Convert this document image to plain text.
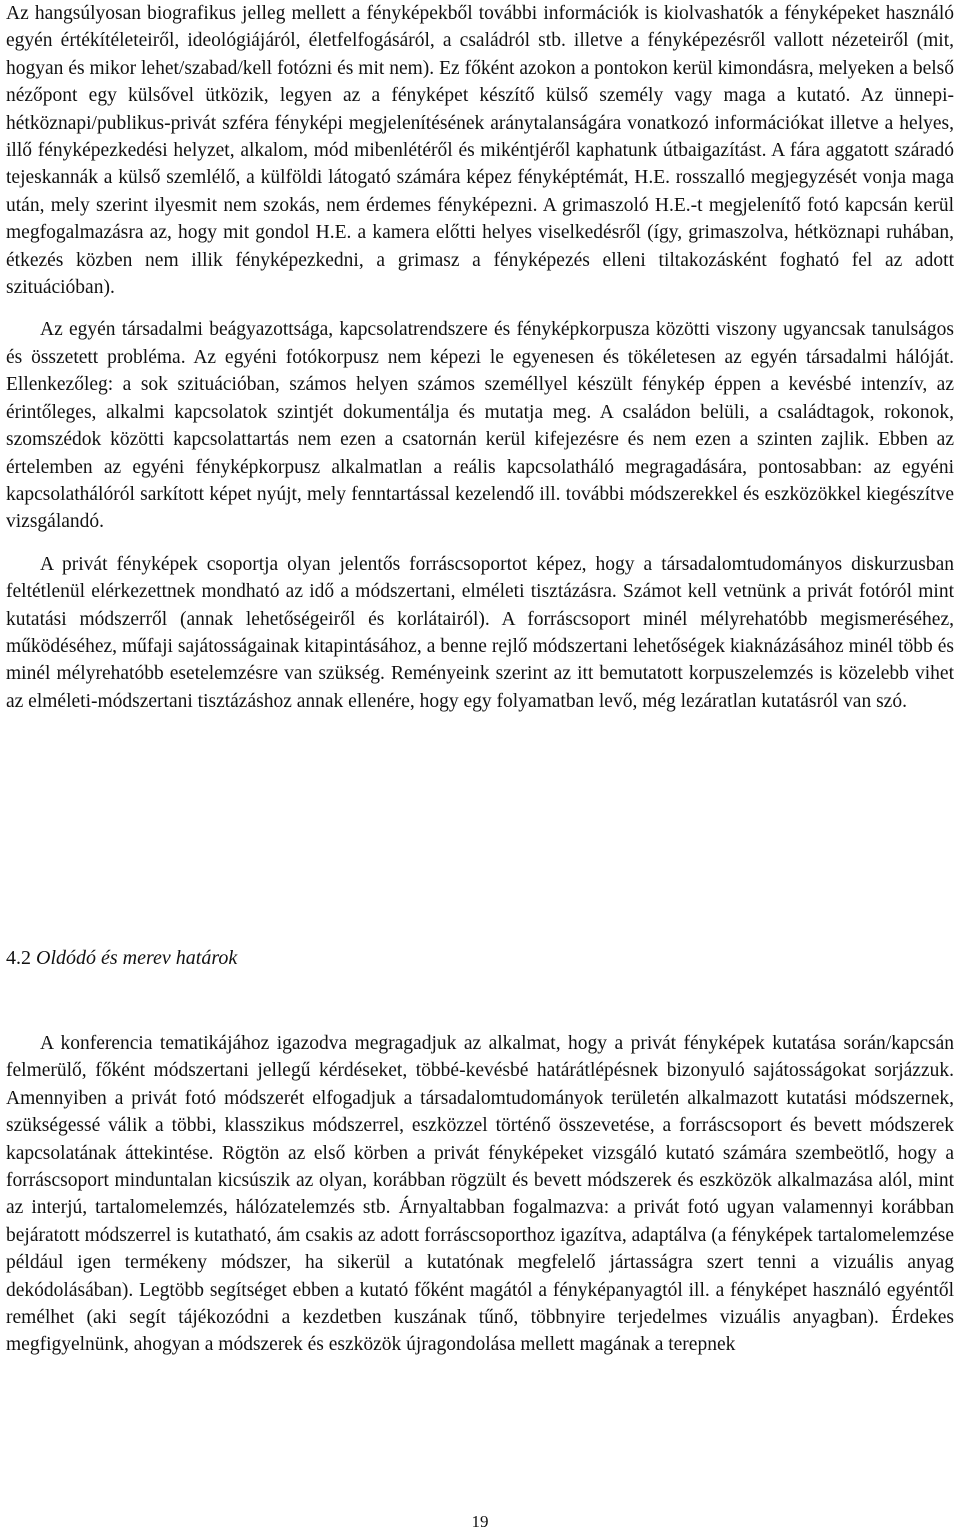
Az hangsúlyosan biografikus jelleg mellett a fényképekből további információk is kiolvashatók a fényképeket használó egyén értékítéleteiről, ideológiájáról, életfelfogásáról, a családról stb. illetve a fényképezésről vallott nézeteiről (mit, hogyan és mikor lehet/szabad/kell fotózni és mit nem). Ez főként azokon a pontokon kerül kimondásra, melyeken a belső nézőpont egy külsővel ütközik, legyen az a fényképet készítő külső személy vagy maga a kutató. Az ünnepi-hétköznapi/publikus-privát szféra fényképi megjelenítésének aránytalanságára vonatkozó információkat illetve a helyes, illő fényképezkedési helyzet, alkalom, mód mibenlétéről és mikéntjéről kaphatunk útbaigazítást. A fára aggatott száradó tejeskannák a külső szemlélő, a külföldi látogató számára képez fényképtémát, H.E. rosszalló megjegyzését vonja maga után, mely szerint ilyesmit nem szokás, nem érdemes fényképezni. A grimaszoló H.E.-t megjelenítő fotó kapcsán kerül megfogalmazásra az, hogy mit gondol H.E. a kamera előtti helyes viselkedésről (így, grimaszolva, hétköznapi ruhában, étkezés közben nem illik fényképezkedni, a grimasz a fényképezés elleni tiltakozásként fogható fel az adott szituációban).

Az egyén társadalmi beágyazottsága, kapcsolatrendszere és fényképkorpusza közötti viszony ugyancsak tanulságos és összetett probléma. Az egyéni fotókorpusz nem képezi le egyenesen és tökéletesen az egyén társadalmi hálóját. Ellenkezőleg: a sok szituációban, számos helyen számos személlyel készült fénykép éppen a kevésbé intenzív, az érintőleges, alkalmi kapcsolatok szintjét dokumentálja és mutatja meg. A családon belüli, a családtagok, rokonok, szomszédok közötti kapcsolattartás nem ezen a csatornán kerül kifejezésre és nem ezen a szinten zajlik. Ebben az értelemben az egyéni fényképkorpusz alkalmatlan a reális kapcsolatháló megragadására, pontosabban: az egyéni kapcsolathálóról sarkított képet nyújt, mely fenntartással kezelendő ill. további módszerekkel és eszközökkel kiegészítve vizsgálandó.

A privát fényképek csoportja olyan jelentős forráscsoportot képez, hogy a társadalomtudományos diskurzusban feltétlenül elérkezettnek mondható az idő a módszertani, elméleti tisztázásra. Számot kell vetnünk a privát fotóról mint kutatási módszerről (annak lehetőségeiről és korlátairól). A forráscsoport minél mélyrehatóbb megismeréséhez, működéséhez, műfaji sajátosságainak kitapintásához, a benne rejlő módszertani lehetőségek kiaknázásához minél több és minél mélyrehatóbb esetelemzésre van szükség. Reményeink szerint az itt bemutatott korpuszelemzés is közelebb vihet az elméleti-módszertani tisztázáshoz annak ellenére, hogy egy folyamatban levő, még lezáratlan kutatásról van szó.

4.2 Oldódó és merev határok

A konferencia tematikájához igazodva megragadjuk az alkalmat, hogy a privát fényképek kutatása során/kapcsán felmerülő, főként módszertani jellegű kérdéseket, többé-kevésbé határátlépésnek bizonyuló sajátosságokat sorjázzuk. Amennyiben a privát fotó módszerét elfogadjuk a társadalomtudományok területén alkalmazott kutatási módszernek, szükségessé válik a többi, klasszikus módszerrel, eszközzel történő összevetése, a forráscsoport és bevett módszerek kapcsolatának áttekintése. Rögtön az első körben a privát fényképeket vizsgáló kutató számára szembeötlő, hogy a forráscsoport minduntalan kicsúszik az olyan, korábban rögzült és bevett módszerek és eszközök alkalmazása alól, mint az interjú, tartalomelemzés, hálózatelemzés stb. Árnyaltabban fogalmazva: a privát fotó ugyan valamennyi korábban bejáratott módszerrel is kutatható, ám csakis az adott forráscsoporthoz igazítva, adaptálva (a fényképek tartalomelemzése például igen termékeny módszer, ha sikerül a kutatónak megfelelő jártasságra szert tenni a vizuális anyag dekódolásában). Legtöbb segítséget ebben a kutató főként magától a fényképanyagtól ill. a fényképet használó egyéntől remélhet (aki segít tájékozódni a kezdetben kuszának tűnő, többnyire terjedelmes vizuális anyagban). Érdekes megfigyelnünk, ahogyan a módszerek és eszközök újragondolása mellett magának a terepnek

19
